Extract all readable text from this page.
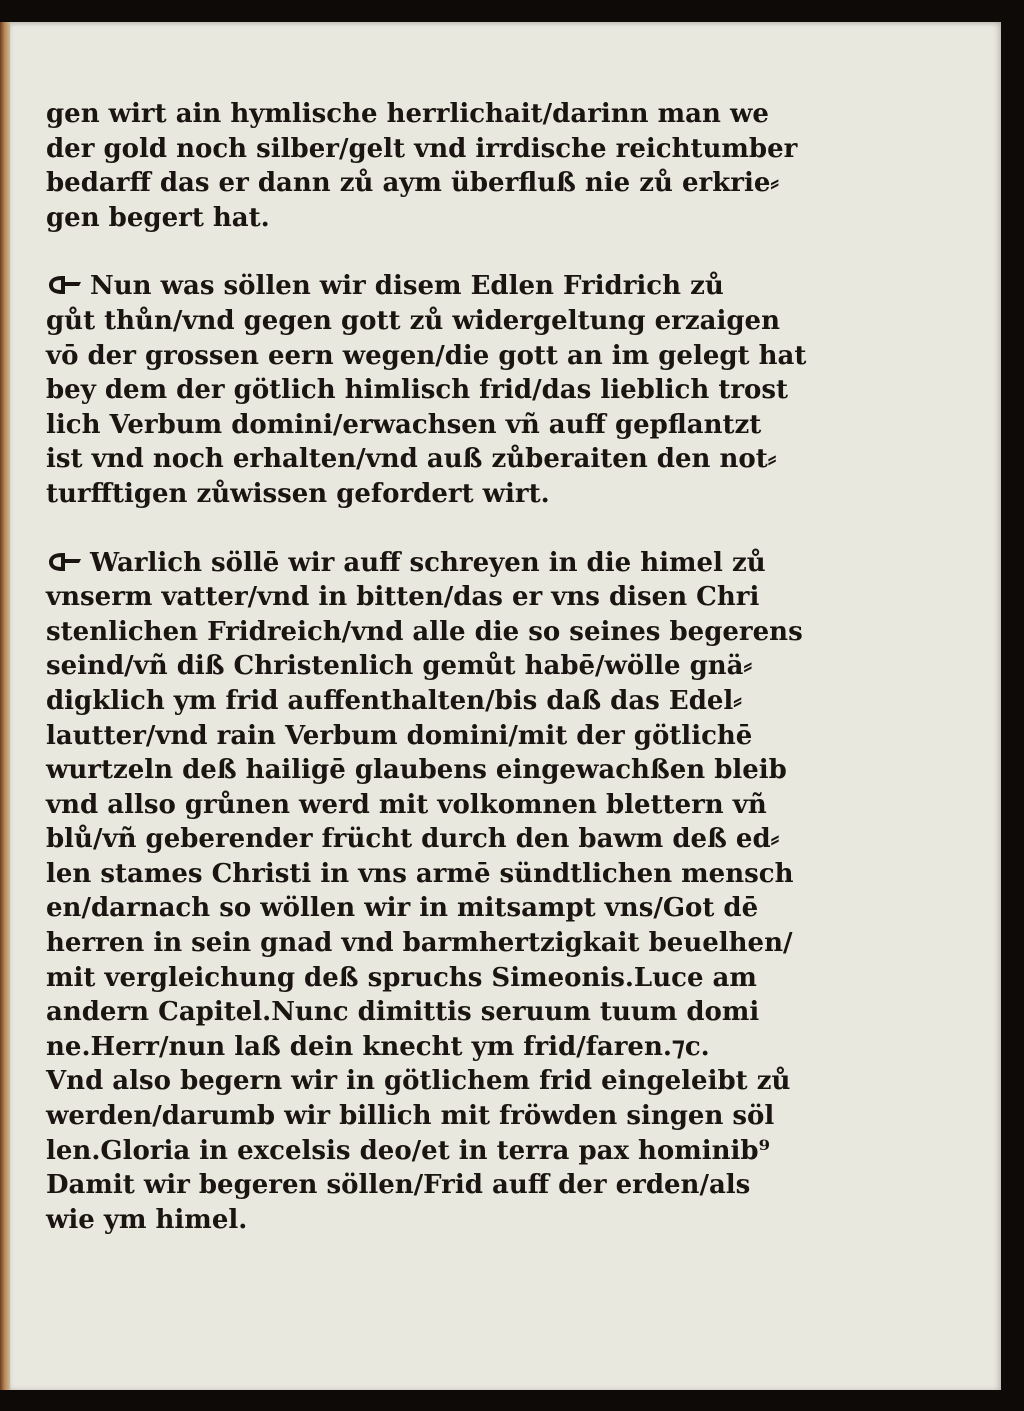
gen wirt ain hymlische herrlichait/darinn man we
der gold noch silber/gelt vnd irrdische reichtumber
bedarff das er dann zů aym überfluß nie zů erkrie⸗
gen begert hat.
Nun was söllen wir disem Edlen Fridrich zů
gůt thůn/vnd gegen gott zů widergeltung erzaigen
vō der grossen eern wegen/die gott an im gelegt hat
bey dem der götlich himlisch frid/das lieblich trost
lich Verbum domini/erwachsen vñ auff gepflantzt
ist vnd noch erhalten/vnd auß zůberaiten den not⸗
turfftigen zůwissen gefordert wirt.
Warlich söllē wir auff schreyen in die himel zů
vnserm vatter/vnd in bitten/das er vns disen Chri
stenlichen Fridreich/vnd alle die so seines begerens
seind/vñ diß Christenlich gemůt habē/wölle gnä⸗
digklich ym frid auffenthalten/bis daß das Edel⸗
lautter/vnd rain Verbum domini/mit der götlichē
wurtzeln deß hailigē glaubens eingewachßen bleib
vnd allso grůnen werd mit volkomnen blettern vñ
blů/vñ geberender frücht durch den bawm deß ed⸗
len stames Christi in vns armē sündtlichen mensch
en/darnach so wöllen wir in mitsampt vns/Got dē
herren in sein gnad vnd barmhertzigkait beuelhen/
mit vergleichung deß spruchs Simeonis.Luce am
andern Capitel.Nunc dimittis seruum tuum domi
ne.Herr/nun laß dein knecht ym frid/faren.⁊c.
Vnd also begern wir in götlichem frid eingeleibt zů
werden/darumb wir billich mit fröwden singen söl
len.Gloria in excelsis deo/et in terra pax hominib⁹
Damit wir begeren söllen/Frid auff der erden/als
wie ym himel.
